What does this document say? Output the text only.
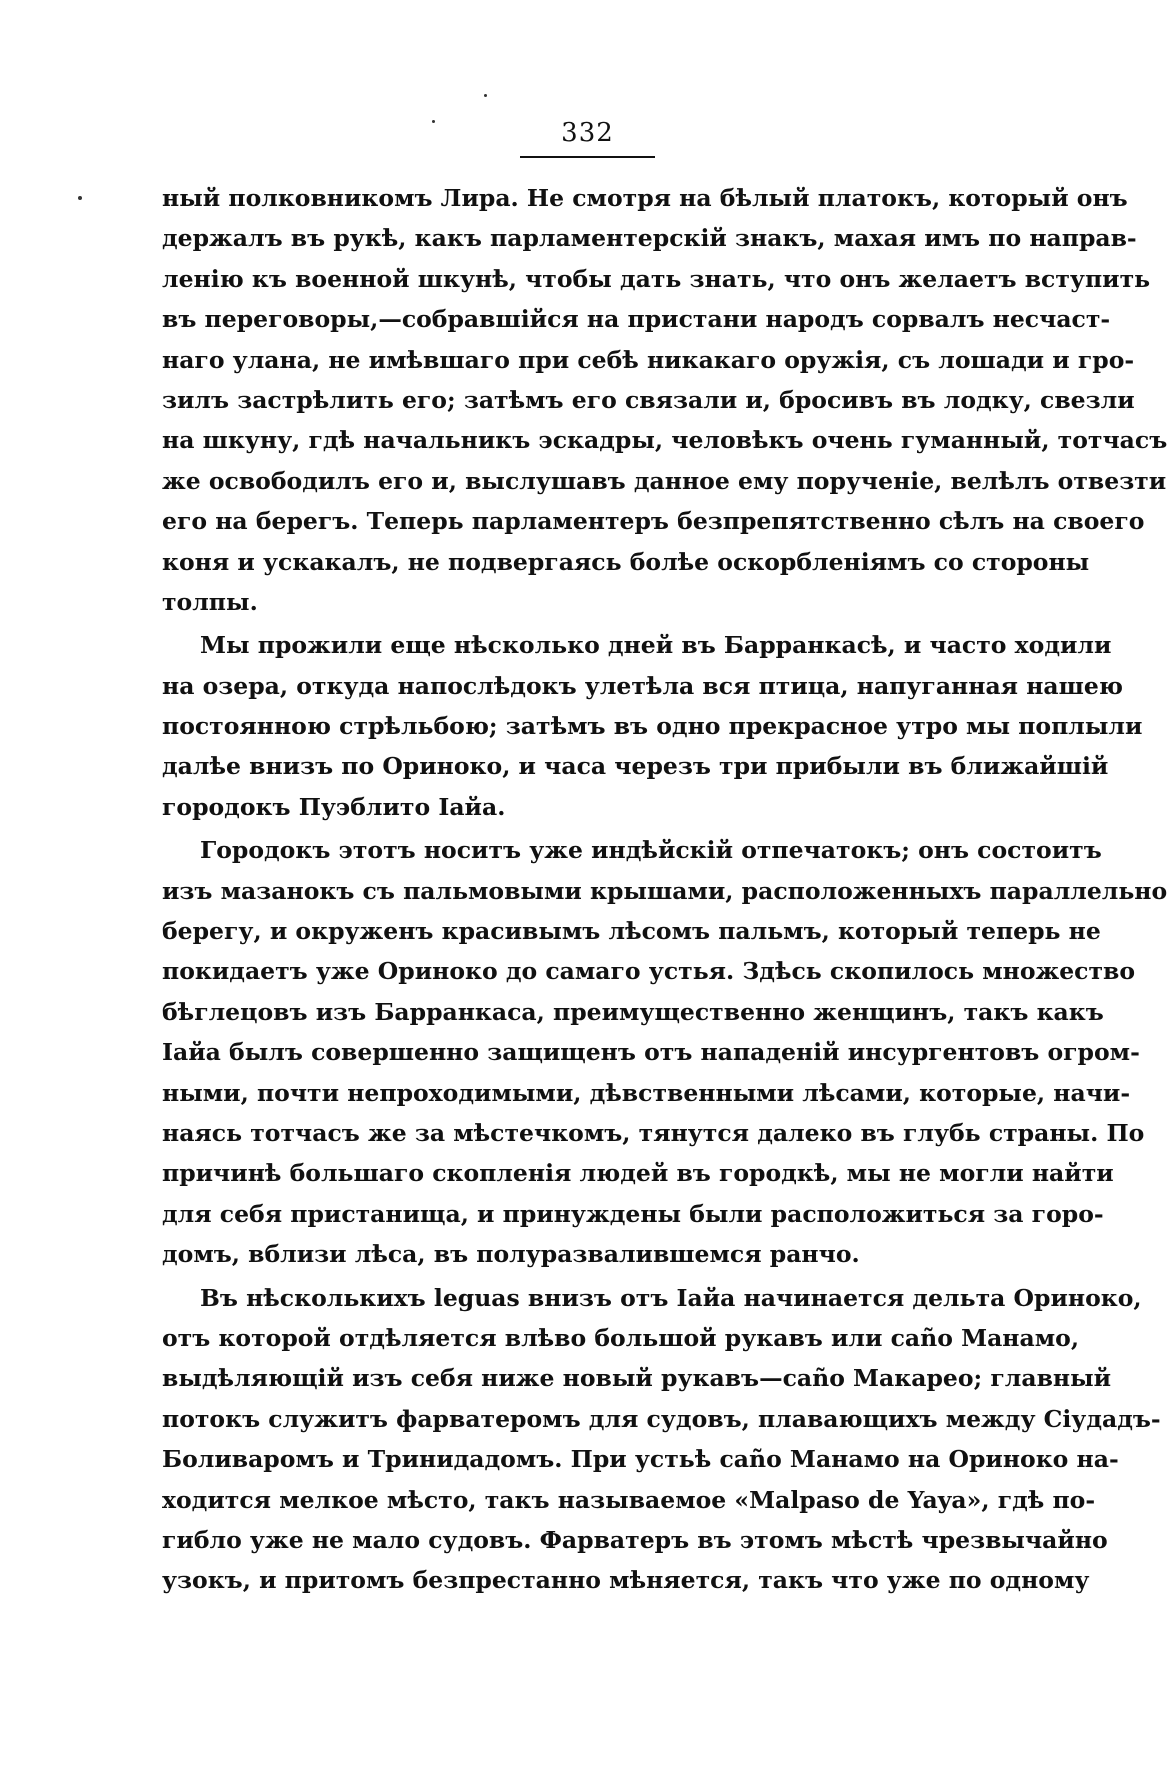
332
ный полковникомъ Лира. Не смотря на бѣлый платокъ, который онъ
держалъ въ рукѣ, какъ парламентерскій знакъ, махая имъ по направ-
ленію къ военной шкунѣ, чтобы дать знать, что онъ желаетъ вступить
въ переговоры,—собравшійся на пристани народъ сорвалъ несчаст-
наго улана, не имѣвшаго при себѣ никакаго оружія, съ лошади и гро-
зилъ застрѣлить его; затѣмъ его связали и, бросивъ въ лодку, свезли
на шкуну, гдѣ начальникъ эскадры, человѣкъ очень гуманный, тотчасъ
же освободилъ его и, выслушавъ данное ему порученіе, велѣлъ отвезти
его на берегъ. Теперь парламентеръ безпрепятственно сѣлъ на своего
коня и ускакалъ, не подвергаясь болѣе оскорбленіямъ со стороны
толпы.
Мы прожили еще нѣсколько дней въ Барранкасѣ, и часто ходили
на озера, откуда напослѣдокъ улетѣла вся птица, напуганная нашею
постоянною стрѣльбою; затѣмъ въ одно прекрасное утро мы поплыли
далѣе внизъ по Ориноко, и часа черезъ три прибыли въ ближайшій
городокъ Пуэблито Іайа.
Городокъ этотъ носитъ уже индѣйскій отпечатокъ; онъ состоитъ
изъ мазанокъ съ пальмовыми крышами, расположенныхъ параллельно
берегу, и окруженъ красивымъ лѣсомъ пальмъ, который теперь не
покидаетъ уже Ориноко до самаго устья. Здѣсь скопилось множество
бѣглецовъ изъ Барранкаса, преимущественно женщинъ, такъ какъ
Іайа былъ совершенно защищенъ отъ нападеній инсургентовъ огром-
ными, почти непроходимыми, дѣвственными лѣсами, которые, начи-
наясь тотчасъ же за мѣстечкомъ, тянутся далеко въ глубь страны. По
причинѣ большаго скопленія людей въ городкѣ, мы не могли найти
для себя пристанища, и принуждены были расположиться за горо-
домъ, вблизи лѣса, въ полуразвалившемся ранчо.
Въ нѣсколькихъ leguas внизъ отъ Іайа начинается дельта Ориноко,
отъ которой отдѣляется влѣво большой рукавъ или caño Манамо,
выдѣляющій изъ себя ниже новый рукавъ—caño Макарео; главный
потокъ служитъ фарватеромъ для судовъ, плавающихъ между Сіудадъ-
Боливаромъ и Тринидадомъ. При устьѣ caño Манамо на Ориноко на-
ходится мелкое мѣсто, такъ называемое «Malpaso de Yaya», гдѣ по-
гибло уже не мало судовъ. Фарватеръ въ этомъ мѣстѣ чрезвычайно
узокъ, и притомъ безпрестанно мѣняется, такъ что уже по одному
